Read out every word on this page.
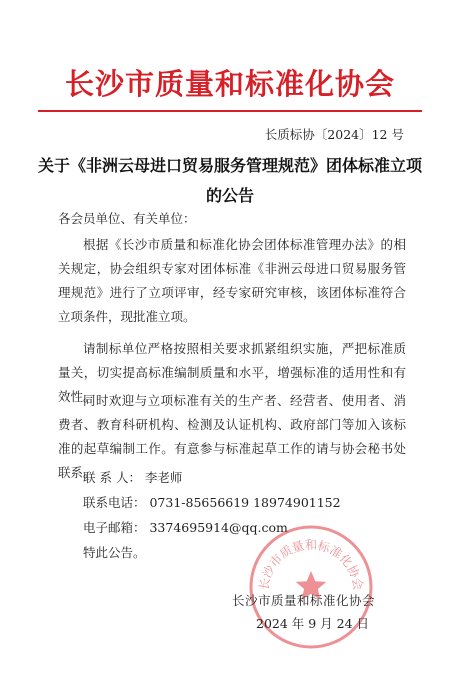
长沙市质量和标准化协会
长质标协〔2024〕12 号
关于《非洲云母进口贸易服务管理规范》团体标准立项的公告
各会员单位、有关单位：
根据《长沙市质量和标准化协会团体标准管理办法》的相关规定，协会组织专家对团体标准《非洲云母进口贸易服务管理规范》进行了立项评审，经专家研究审核，该团体标准符合立项条件，现批准立项。
请制标单位严格按照相关要求抓紧组织实施，严把标准质量关，切实提高标准编制质量和水平，增强标准的适用性和有效性。
同时欢迎与立项标准有关的生产者、经营者、使用者、消费者、教育科研机构、检测及认证机构、政府部门等加入该标准的起草编制工作。有意参与标准起草工作的请与协会秘书处联系。
联 系 人： 李老师
联系电话： 0731-85656619 18974901152
电子邮箱： 3374695914@qq.com
特此公告。
长沙市质量和标准化协会
长沙市质量和标准化协会
2024 年 9 月 24 日
